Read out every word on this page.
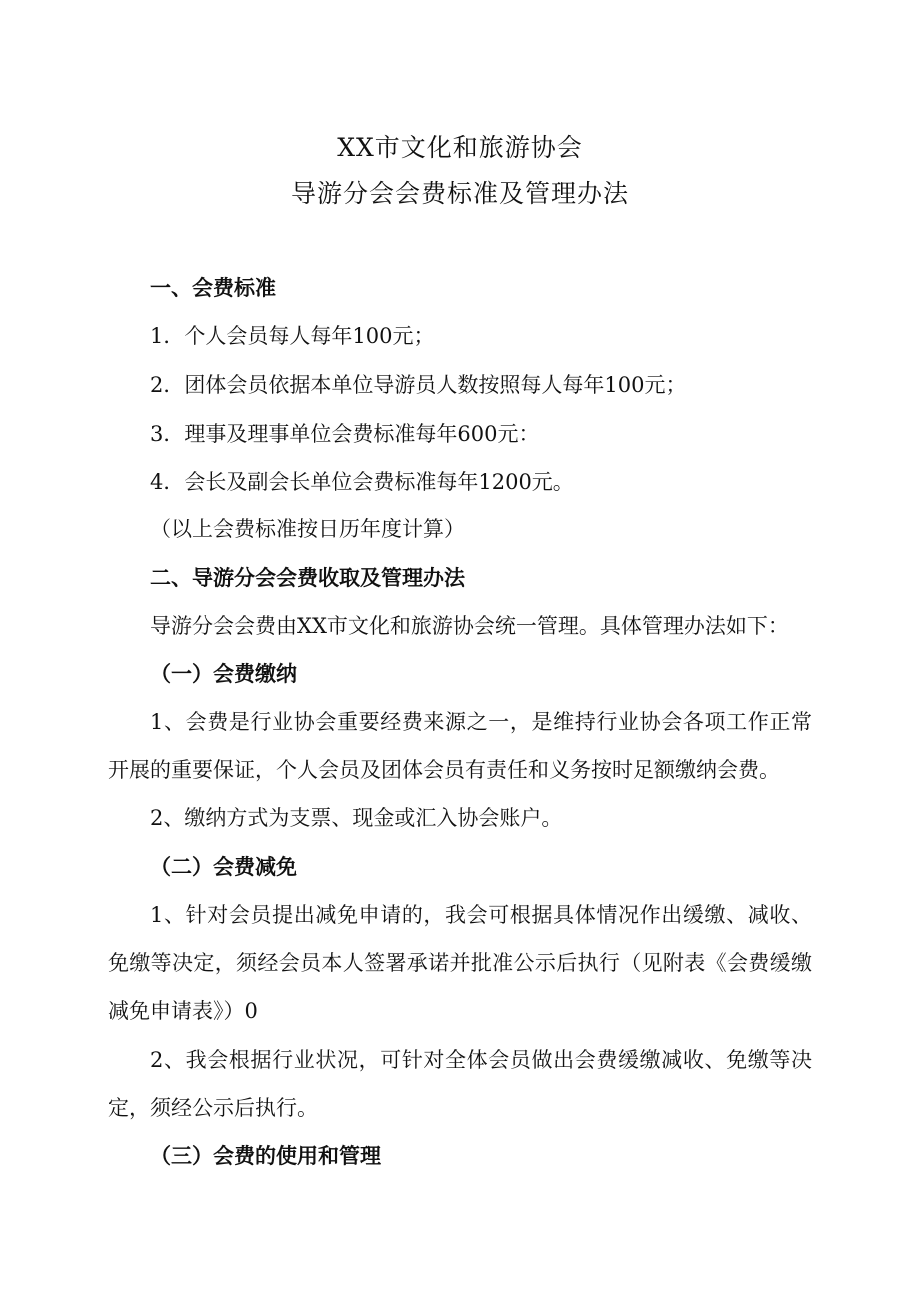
XX市文化和旅游协会
导游分会会费标准及管理办法

一、会费标准

1．个人会员每人每年100元；

2．团体会员依据本单位导游员人数按照每人每年100元；

3．理事及理事单位会费标准每年600元：

4．会长及副会长单位会费标准每年1200元。

（以上会费标准按日历年度计算）

二、导游分会会费收取及管理办法

导游分会会费由XX市文化和旅游协会统一管理。具体管理办法如下：

（一）会费缴纳

1、会费是行业协会重要经费来源之一，是维持行业协会各项工作正常

开展的重要保证，个人会员及团体会员有责任和义务按时足额缴纳会费。

2、缴纳方式为支票、现金或汇入协会账户。

（二）会费减免

1、针对会员提出减免申请的，我会可根据具体情况作出缓缴、减收、

免缴等决定，须经会员本人签署承诺并批准公示后执行（见附表《会费缓缴

减免申请表》）0

2、我会根据行业状况，可针对全体会员做出会费缓缴减收、免缴等决

定，须经公示后执行。

（三）会费的使用和管理
